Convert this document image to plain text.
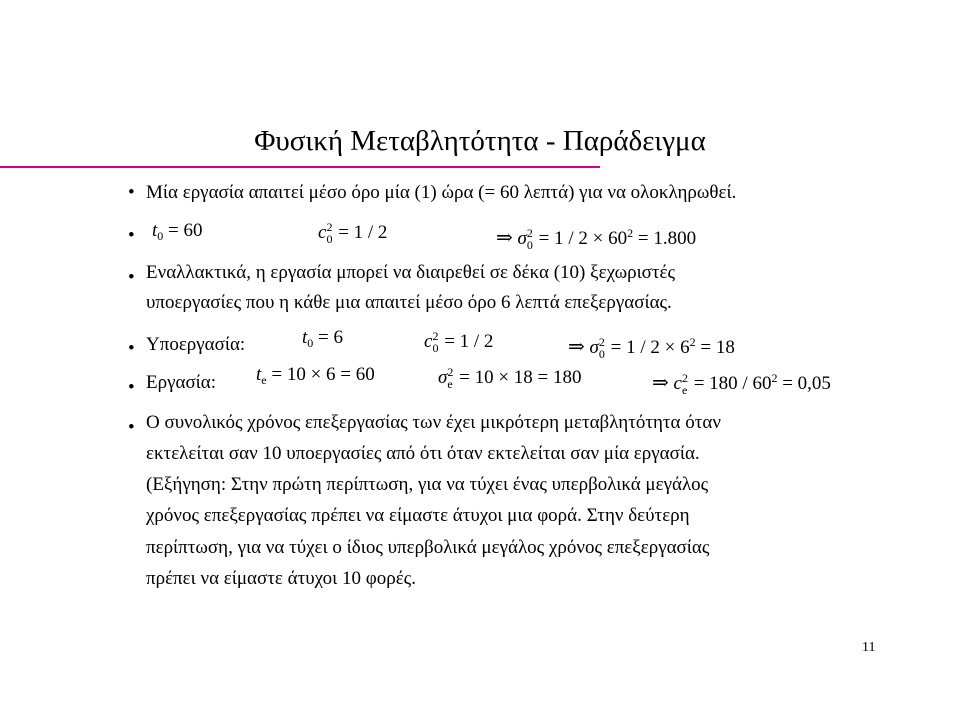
Φυσική Μεταβλητότητα - Παράδειγμα
• Μία εργασία απαιτεί μέσο όρο μία (1) ώρα (= 60 λεπτά) για να ολοκληρωθεί.
• $t_0 = 60$	c 2
0 = 1 / 2	⇒ σ 2
$0 = 1 / 2 \times 60^2 = 1.800$
• Εναλλακτικά, η εργασία μπορεί να διαιρεθεί σε δέκα (10) ξεχωριστές
υποεργασίες που η κάθε μια απαιτεί μέσο όρο 6 λεπτά επεξεργασίας.
• Υποεργασία:	$t_0 = 6$	c 2
0 = 1 / 2	⇒ σ 2
$0 = 1 / 2 \times 6^2 = 18$
• Εργασία: $t_e = 10 \times 6 = 60$	σ 2
e = 10 × 18 = 180	⇒ c 2
$e = 180 / 60^2 = 0,05$
• Ο συνολικός χρόνος επεξεργασίας των έχει μικρότερη μεταβλητότητα όταν
εκτελείται σαν 10 υποεργασίες από ότι όταν εκτελείται σαν μία εργασία.
(Εξήγηση: Στην πρώτη περίπτωση, για να τύχει ένας υπερβολικά μεγάλος
χρόνος επεξεργασίας πρέπει να είμαστε άτυχοι μια φορά. Στην δεύτερη
περίπτωση, για να τύχει ο ίδιος υπερβολικά μεγάλος χρόνος επεξεργασίας
πρέπει να είμαστε άτυχοι 10 φορές.
11
